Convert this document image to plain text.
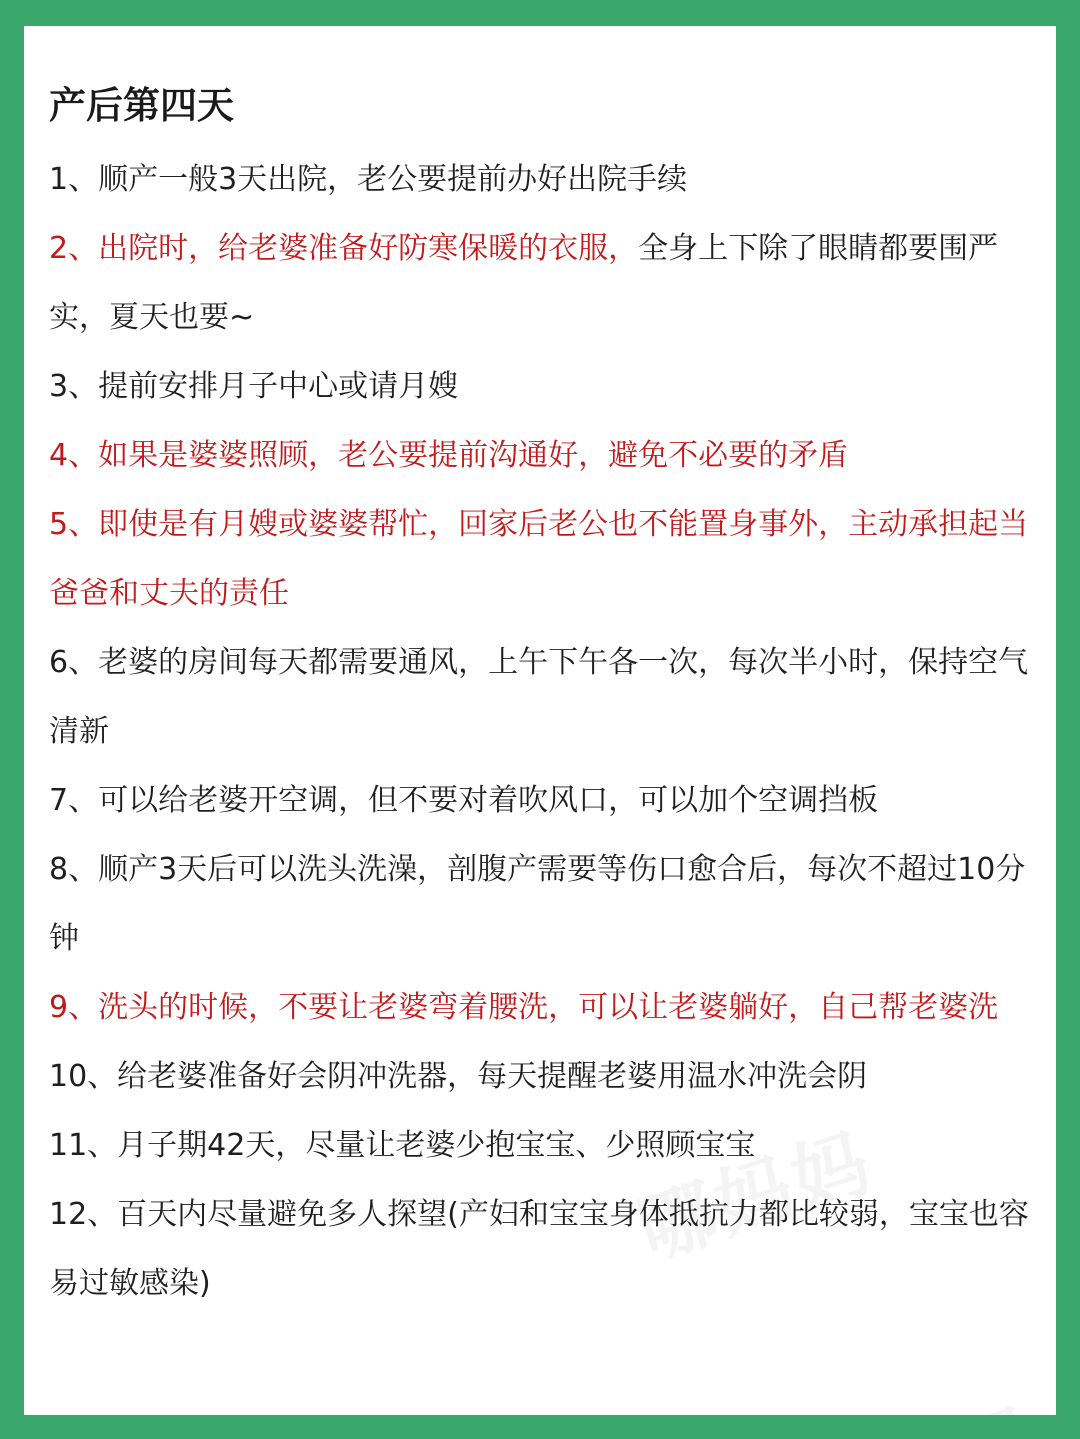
产后第四天

1、顺产一般3天出院，老公要提前办好出院手续

2、出院时，给老婆准备好防寒保暖的衣服，全身上下除了眼睛都要围严实，夏天也要~

3、提前安排月子中心或请月嫂

4、如果是婆婆照顾，老公要提前沟通好，避免不必要的矛盾

5、即使是有月嫂或婆婆帮忙，回家后老公也不能置身事外，主动承担起当爸爸和丈夫的责任

6、老婆的房间每天都需要通风，上午下午各一次，每次半小时，保持空气清新

7、可以给老婆开空调，但不要对着吹风口，可以加个空调挡板

8、顺产3天后可以洗头洗澡，剖腹产需要等伤口愈合后，每次不超过10分钟

9、洗头的时候，不要让老婆弯着腰洗，可以让老婆躺好，自己帮老婆洗

10、给老婆准备好会阴冲洗器，每天提醒老婆用温水冲洗会阴

11、月子期42天，尽量让老婆少抱宝宝、少照顾宝宝

12、百天内尽量避免多人探望(产妇和宝宝身体抵抗力都比较弱，宝宝也容易过敏感染)
